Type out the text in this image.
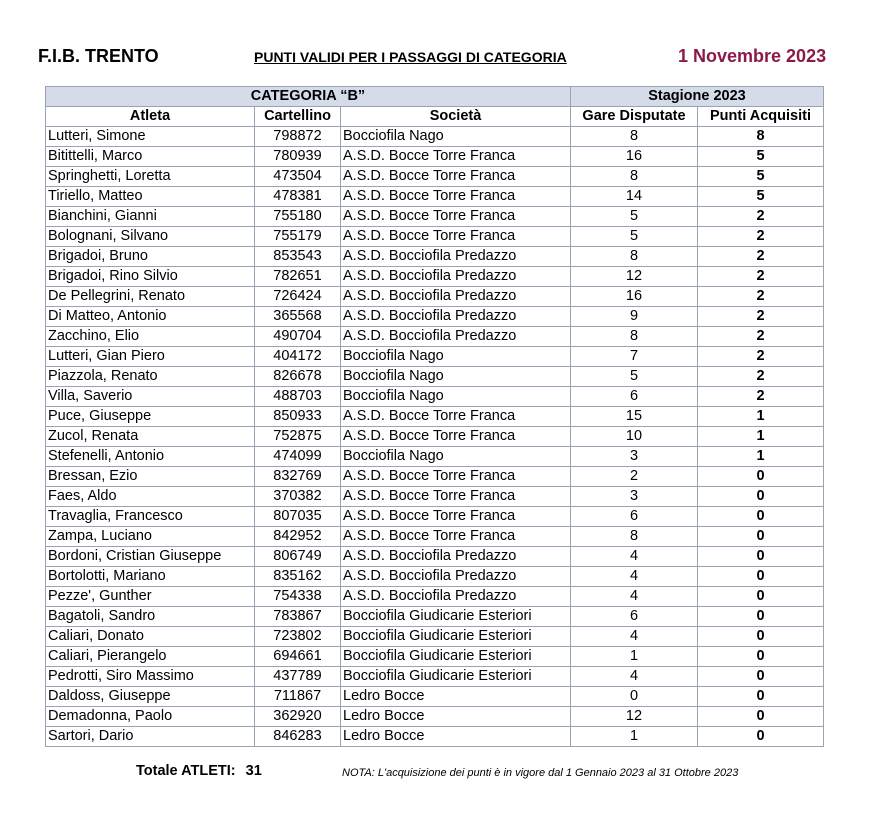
F.I.B. TRENTO	PUNTI VALIDI PER I PASSAGGI DI CATEGORIA	1 Novembre 2023
CATEGORIA “B”			Stagione 2023	
Atleta	Cartellino	Società	Gare Disputate	Punti Acquisiti
Lutteri, Simone	798872	Bocciofila Nago	8	8
Bitittelli, Marco	780939	A.S.D. Bocce Torre Franca	16	5
Springhetti, Loretta	473504	A.S.D. Bocce Torre Franca	8	5
Tiriello, Matteo	478381	A.S.D. Bocce Torre Franca	14	5
Bianchini, Gianni	755180	A.S.D. Bocce Torre Franca	5	2
Bolognani, Silvano	755179	A.S.D. Bocce Torre Franca	5	2
Brigadoi, Bruno	853543	A.S.D. Bocciofila Predazzo	8	2
Brigadoi, Rino Silvio	782651	A.S.D. Bocciofila Predazzo	12	2
De Pellegrini, Renato	726424	A.S.D. Bocciofila Predazzo	16	2
Di Matteo, Antonio	365568	A.S.D. Bocciofila Predazzo	9	2
Zacchino, Elio	490704	A.S.D. Bocciofila Predazzo	8	2
Lutteri, Gian Piero	404172	Bocciofila Nago	7	2
Piazzola, Renato	826678	Bocciofila Nago	5	2
Villa, Saverio	488703	Bocciofila Nago	6	2
Puce, Giuseppe	850933	A.S.D. Bocce Torre Franca	15	1
Zucol, Renata	752875	A.S.D. Bocce Torre Franca	10	1
Stefenelli, Antonio	474099	Bocciofila Nago	3	1
Bressan, Ezio	832769	A.S.D. Bocce Torre Franca	2	0
Faes, Aldo	370382	A.S.D. Bocce Torre Franca	3	0
Travaglia, Francesco	807035	A.S.D. Bocce Torre Franca	6	0
Zampa, Luciano	842952	A.S.D. Bocce Torre Franca	8	0
Bordoni, Cristian Giuseppe	806749	A.S.D. Bocciofila Predazzo	4	0
Bortolotti, Mariano	835162	A.S.D. Bocciofila Predazzo	4	0
Pezze', Gunther	754338	A.S.D. Bocciofila Predazzo	4	0
Bagatoli, Sandro	783867	Bocciofila Giudicarie Esteriori	6	0
Caliari, Donato	723802	Bocciofila Giudicarie Esteriori	4	0
Caliari, Pierangelo	694661	Bocciofila Giudicarie Esteriori	1	0
Pedrotti, Siro Massimo	437789	Bocciofila Giudicarie Esteriori	4	0
Daldoss, Giuseppe	711867	Ledro Bocce	0	0
Demadonna, Paolo	362920	Ledro Bocce	12	0
Sartori, Dario	846283	Ledro Bocce	1	0
Totale ATLETI: 31	NOTA: L'acquisizione dei punti è in vigore dal 1 Gennaio 2023 al 31 Ottobre 2023
